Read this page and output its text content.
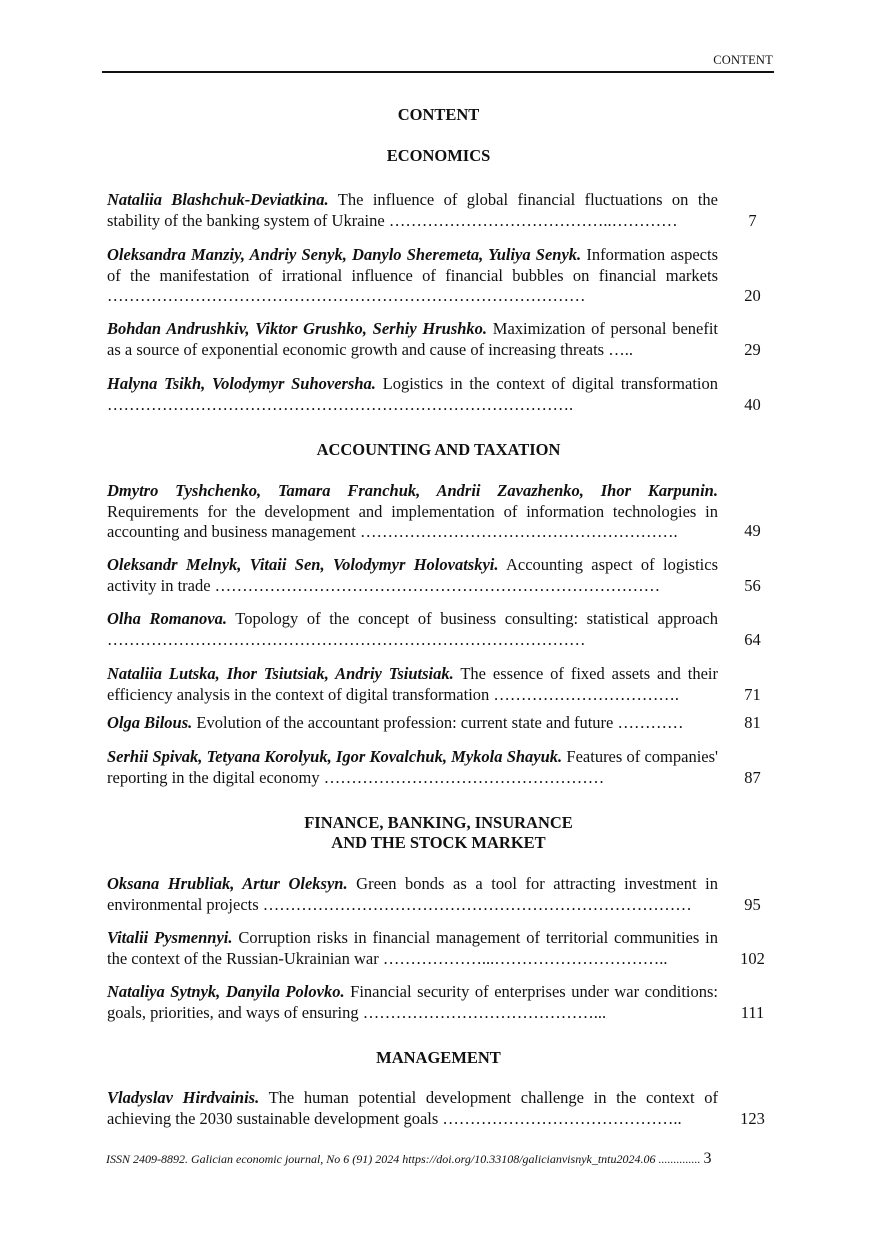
CONTENT
CONTENT
ECONOMICS
Nataliia Blashchuk-Deviatkina. The influence of global financial fluctuations on the stability of the banking system of Ukraine …………………………………..…………	7
Oleksandra Manziy, Andriy Senyk, Danylo Sheremeta, Yuliya Senyk. Information aspects of the manifestation of irrational influence of financial bubbles on financial markets ……………………………………………………………………………	20
Bohdan Andrushkiv, Viktor Grushko, Serhiy Hrushko. Maximization of personal benefit as a source of exponential economic growth and cause of increasing threats …..	29
Halyna Tsikh, Volodymyr Suhoversha. Logistics in the context of digital transformation ………………………………………………………………………….	40
ACCOUNTING AND TAXATION
Dmytro Tyshchenko, Tamara Franchuk, Andrii Zavazhenko, Ihor Karpunin. Requirements for the development and implementation of information technologies in accounting and business management ………………………………………………….	49
Oleksandr Melnyk, Vitaii Sen, Volodymyr Holovatskyi. Accounting aspect of logistics activity in trade ………………………………………………………………………	56
Olha Romanova. Topology of the concept of business consulting: statistical approach ……………………………………………………………………………	64
Nataliia Lutska, Ihor Tsiutsiak, Andriy Tsiutsiak. The essence of fixed assets and their efficiency analysis in the context of digital transformation …………………………….	71
Olga Bilous. Evolution of the accountant profession: current state and future …………	81
Serhii Spivak, Tetyana Korolyuk, Igor Kovalchuk, Mykola Shayuk. Features of companies' reporting in the digital economy ……………………………………………	87
FINANCE, BANKING, INSURANCE
AND THE STOCK MARKET
Oksana Hrubliak, Artur Oleksyn. Green bonds as a tool for attracting investment in environmental projects ……………………………………………………………………	95
Vitalii Pysmennyi. Corruption risks in financial management of territorial communities in the context of the Russian-Ukrainian war ………………...…………………………..	102
Nataliya Sytnyk, Danyila Polovko. Financial security of enterprises under war conditions: goals, priorities, and ways of ensuring ……………………………………...	111
MANAGEMENT
Vladyslav Hirdvainis. The human potential development challenge in the context of achieving the 2030 sustainable development goals ……………………………………..	123
ISSN 2409-8892. Galician economic journal, No 6 (91) 2024 https://doi.org/10.33108/galicianvisnyk_tntu2024.06 .............. 3
